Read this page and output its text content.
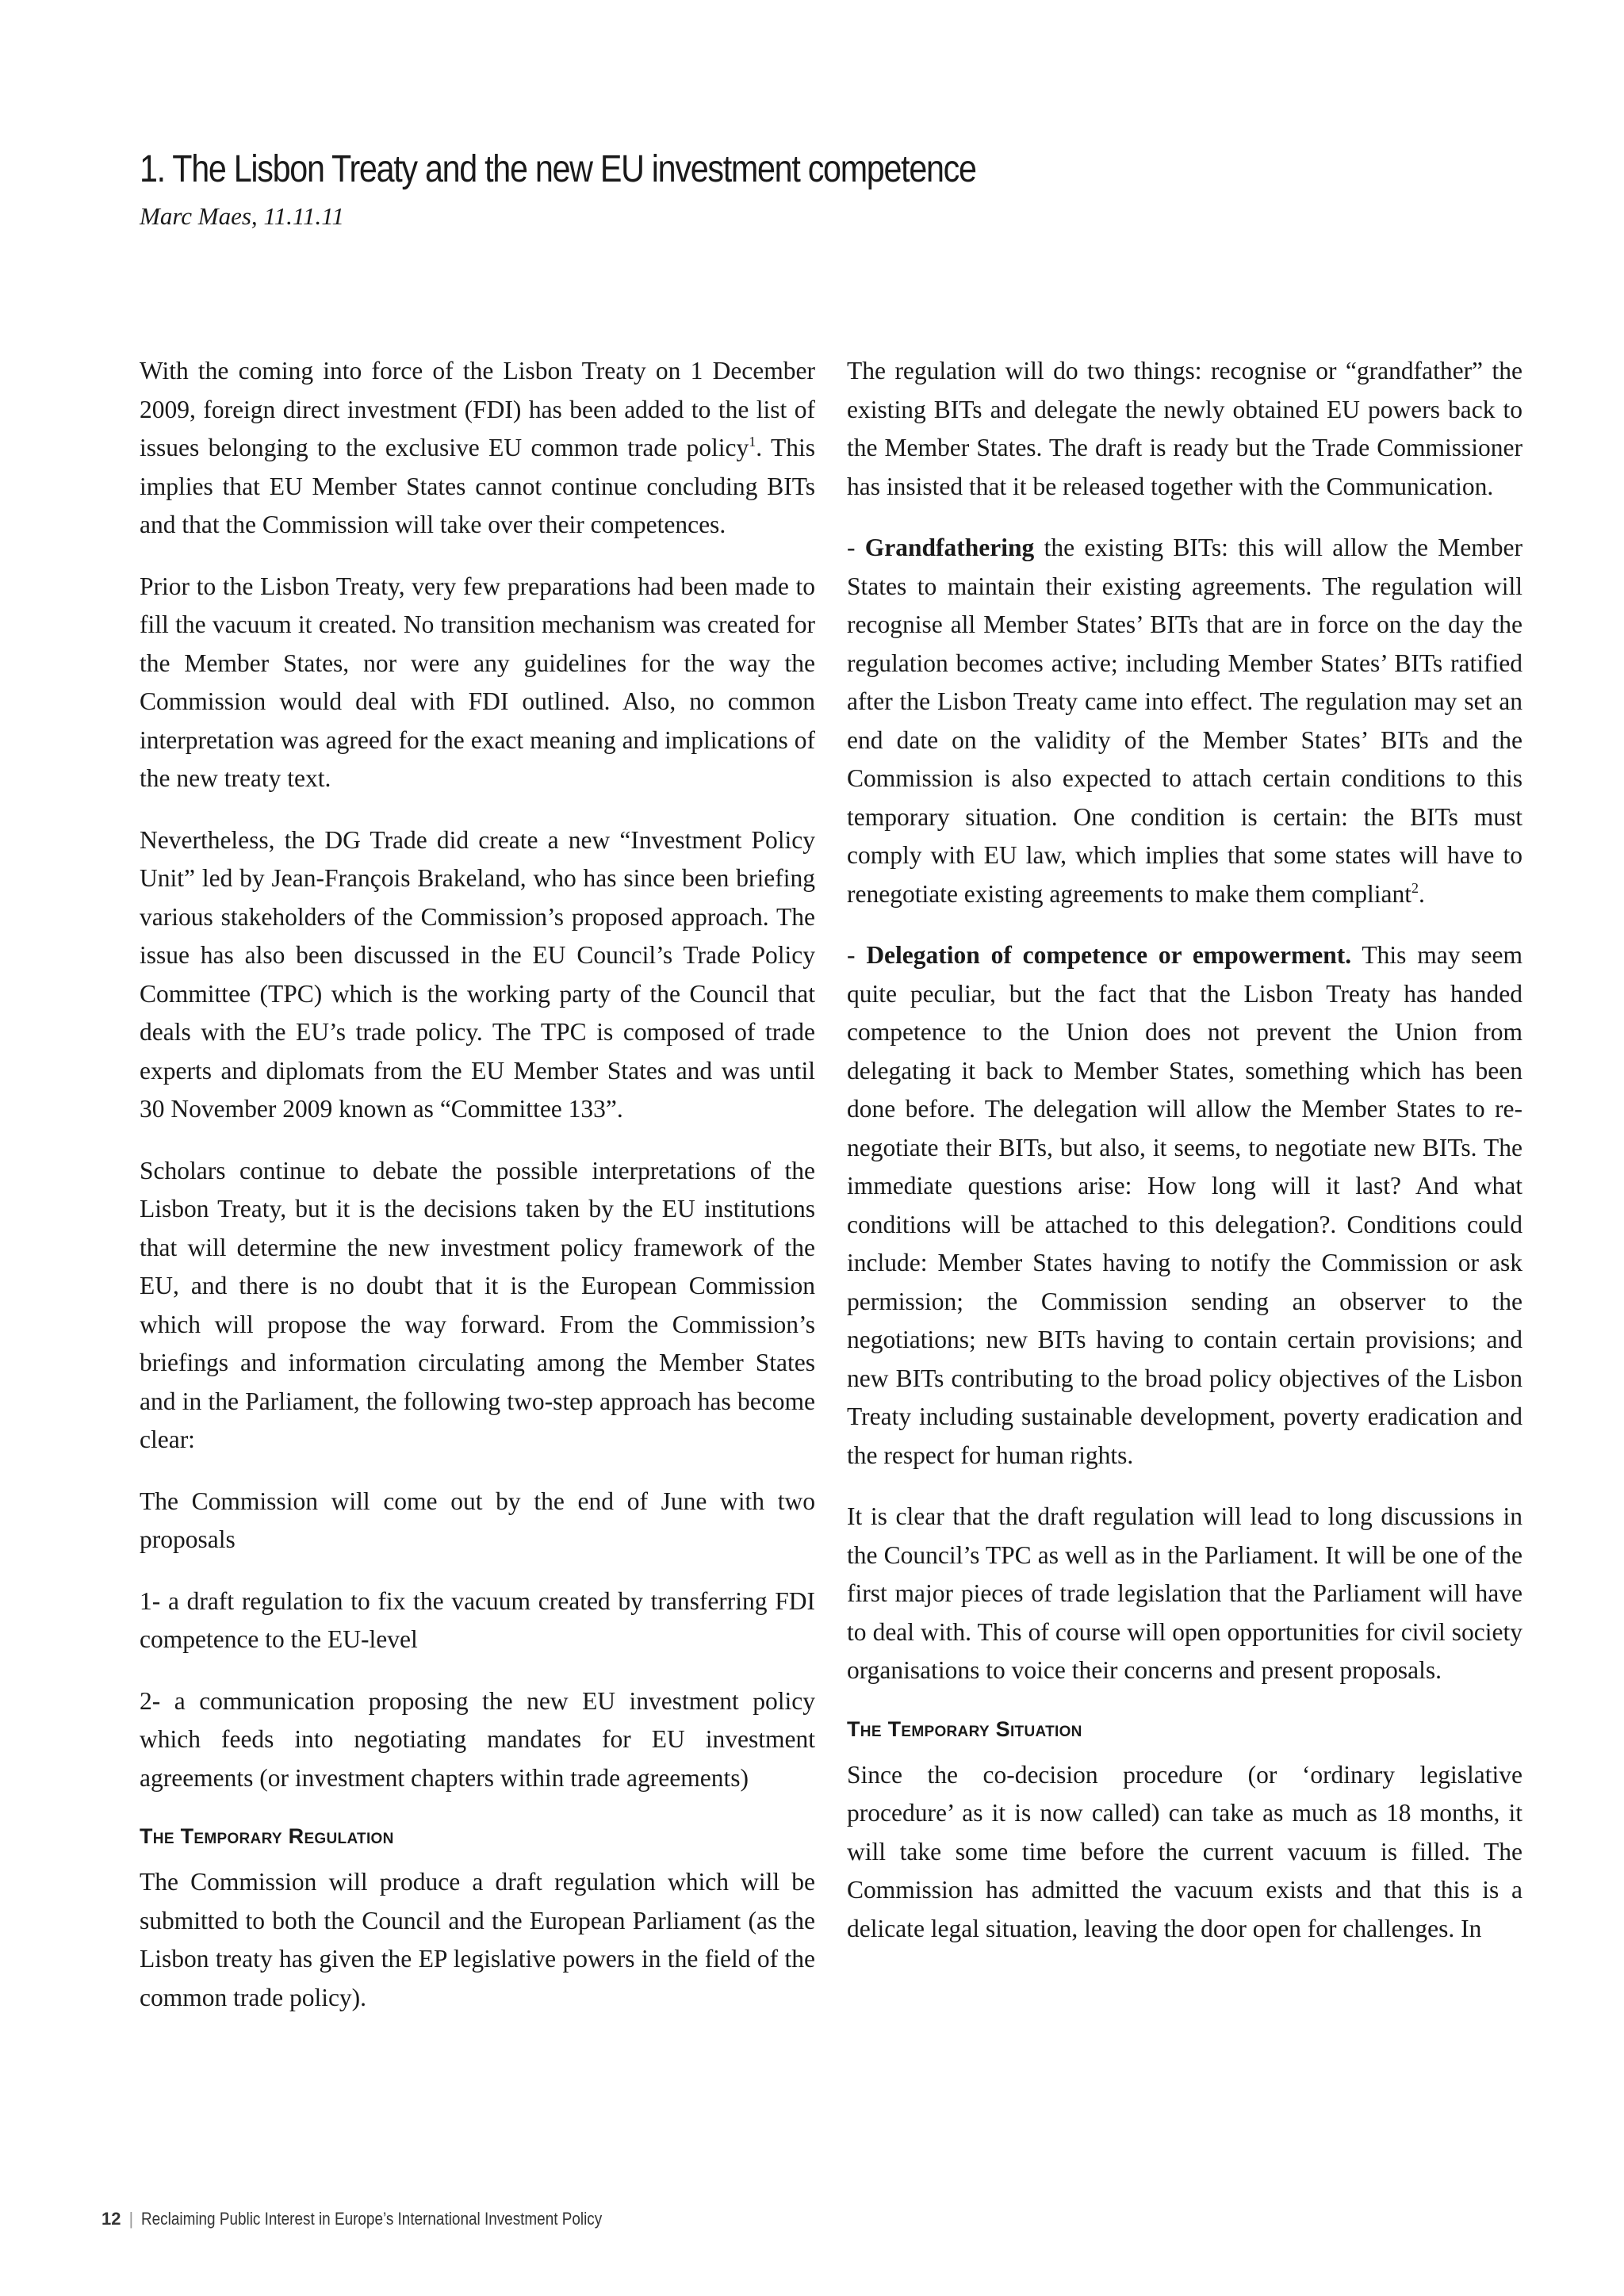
1. The Lisbon Treaty and the new EU investment competence
Marc Maes, 11.11.11

With the coming into force of the Lisbon Treaty on 1 December 2009, foreign direct investment (FDI) has been added to the list of issues belonging to the exclusive EU common trade policy$^1$. This implies that EU Member States cannot continue concluding BITs and that the Commission will take over their competences.

Prior to the Lisbon Treaty, very few preparations had been made to fill the vacuum it created. No transition mechanism was created for the Member States, nor were any guidelines for the way the Commission would deal with FDI outlined. Also, no common interpretation was agreed for the exact meaning and implications of the new treaty text.

Nevertheless, the DG Trade did create a new “Investment Policy Unit” led by Jean-François Brakeland, who has since been briefing various stakeholders of the Commission’s proposed approach. The issue has also been discussed in the EU Council’s Trade Policy Committee (TPC) which is the working party of the Council that deals with the EU’s trade policy. The TPC is composed of trade experts and diplomats from the EU Member States and was until 30 November 2009 known as “Committee 133”.

Scholars continue to debate the possible interpretations of the Lisbon Treaty, but it is the decisions taken by the EU institutions that will determine the new investment policy framework of the EU, and there is no doubt that it is the European Commission which will propose the way forward. From the Commission’s briefings and information circulating among the Member States and in the Parliament, the following two-step approach has become clear:

The Commission will come out by the end of June with two proposals

1- a draft regulation to fix the vacuum created by transferring FDI competence to the EU-level

2- a communication proposing the new EU investment policy which feeds into negotiating mandates for EU investment agreements (or investment chapters within trade agreements)

The Temporary Regulation

The Commission will produce a draft regulation which will be submitted to both the Council and the European Parliament (as the Lisbon treaty has given the EP legislative powers in the field of the common trade policy).

The regulation will do two things: recognise or “grandfather” the existing BITs and delegate the newly obtained EU powers back to the Member States. The draft is ready but the Trade Commissioner has insisted that it be released together with the Communication.

- Grandfathering the existing BITs: this will allow the Member States to maintain their existing agreements. The regulation will recognise all Member States’ BITs that are in force on the day the regulation becomes active; including Member States’ BITs ratified after the Lisbon Treaty came into effect. The regulation may set an end date on the validity of the Member States’ BITs and the Commission is also expected to attach certain conditions to this temporary situation. One condition is certain: the BITs must comply with EU law, which implies that some states will have to renegotiate existing agreements to make them compliant$^2$.

- Delegation of competence or empowerment. This may seem quite peculiar, but the fact that the Lisbon Treaty has handed competence to the Union does not prevent the Union from delegating it back to Member States, something which has been done before. The delegation will allow the Member States to re-negotiate their BITs, but also, it seems, to negotiate new BITs. The immediate questions arise: How long will it last? And what conditions will be attached to this delegation?. Conditions could include: Member States having to notify the Commission or ask permission; the Commission sending an observer to the negotiations; new BITs having to contain certain provisions; and new BITs contributing to the broad policy objectives of the Lisbon Treaty including sustainable development, poverty eradication and the respect for human rights.

It is clear that the draft regulation will lead to long discussions in the Council’s TPC as well as in the Parliament. It will be one of the first major pieces of trade legislation that the Parliament will have to deal with. This of course will open opportunities for civil society organisations to voice their concerns and present proposals.

The Temporary Situation

Since the co-decision procedure (or ‘ordinary legislative procedure’ as it is now called) can take as much as 18 months, it will take some time before the current vacuum is filled. The Commission has admitted the vacuum exists and that this is a delicate legal situation, leaving the door open for challenges. In

12 | Reclaiming Public Interest in Europe’s International Investment Policy
